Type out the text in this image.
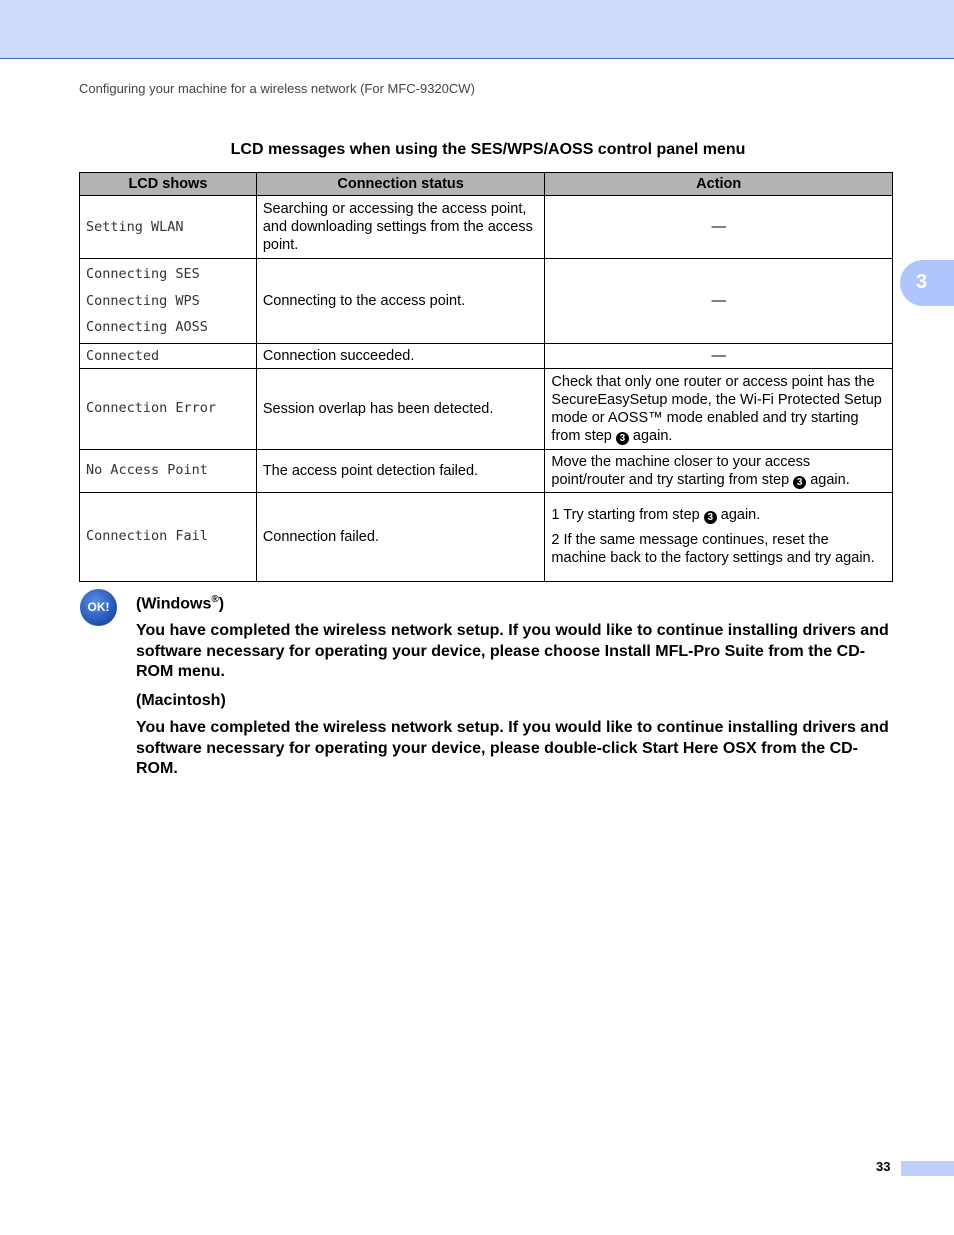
Configuring your machine for a wireless network (For MFC-9320CW)
3
LCD messages when using the SES/WPS/AOSS control panel menu
LCD shows	Connection status	Action

Setting WLAN	Searching or accessing the access point, and downloading settings from the access point.	—

Connecting SES
Connecting WPS
Connecting AOSS	Connecting to the access point.	—

Connected	Connection succeeded.	—

Connection Error	Session overlap has been detected.	Check that only one router or access point has the SecureEasySetup mode, the Wi-Fi Protected Setup mode or AOSS™ mode enabled and try starting from step 3 again.

No Access Point	The access point detection failed.	Move the machine closer to your access point/router and try starting from step 3 again.

Connection Fail	Connection failed.	1 Try starting from step 3 again.
2 If the same message continues, reset the machine back to the factory settings and try again.
OK!	(Windows®)
You have completed the wireless network setup. If you would like to continue installing drivers and software necessary for operating your device, please choose Install MFL-Pro Suite from the CD-ROM menu.
(Macintosh)
You have completed the wireless network setup. If you would like to continue installing drivers and software necessary for operating your device, please double-click Start Here OSX from the CD-ROM.
33
